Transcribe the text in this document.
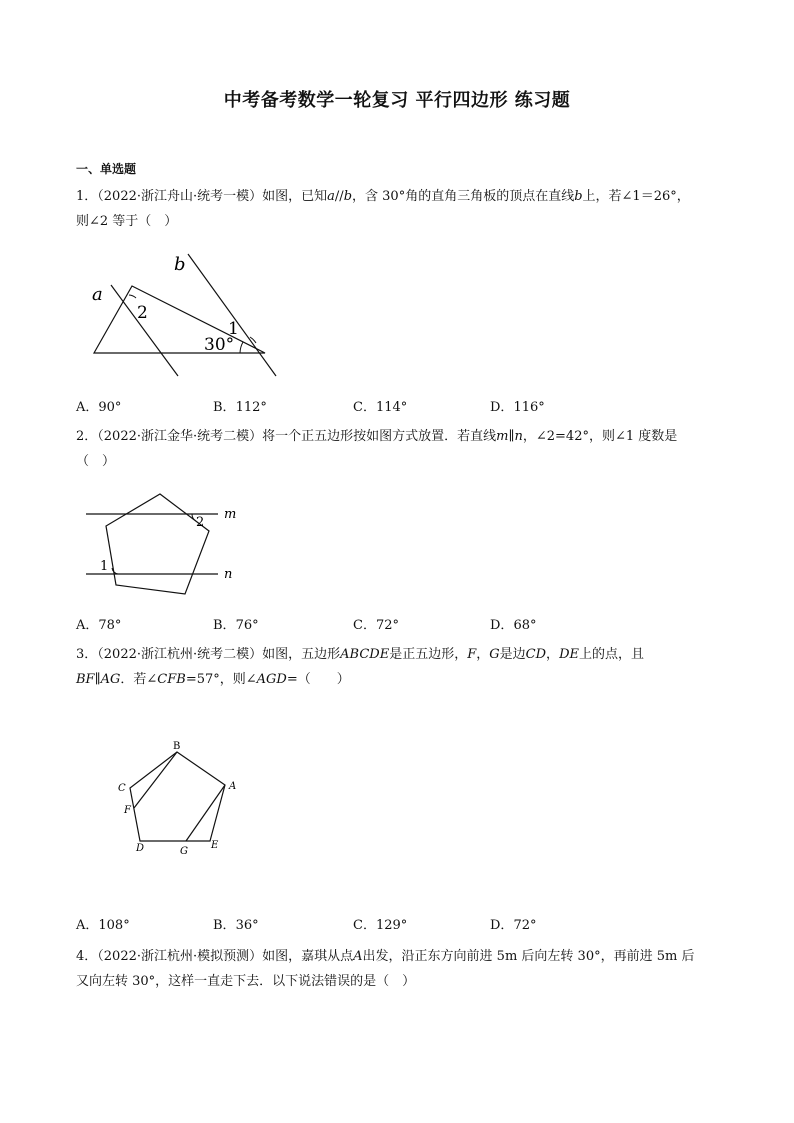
中考备考数学一轮复习 平行四边形 练习题
一、单选题
1．（2022·浙江舟山·统考一模）如图，已知a//b，含 30°角的直角三角板的顶点在直线b上，若∠1＝26°，
则∠2 等于（　）
a
b
2
1
30°
A．90°	B．112°	C．114°	D．116°
2．（2022·浙江金华·统考二模）将一个正五边形按如图方式放置．若直线m∥n，∠2=42°，则∠1 度数是
（　）
2
1
m
n
A．78°	B．76°	C．72°	D．68°
3．（2022·浙江杭州·统考二模）如图，五边形ABCDE是正五边形，F，G是边CD，DE上的点，且
BF∥AG．若∠CFB=57°，则∠AGD=（　　）
B
A
C
F
D	G
E
A．108°	B．36°	C．129°	D．72°
4．（2022·浙江杭州·模拟预测）如图，嘉琪从点A出发，沿正东方向前进 5m 后向左转 30°，再前进 5m 后
又向左转 30°，这样一直走下去．以下说法错误的是（　）
